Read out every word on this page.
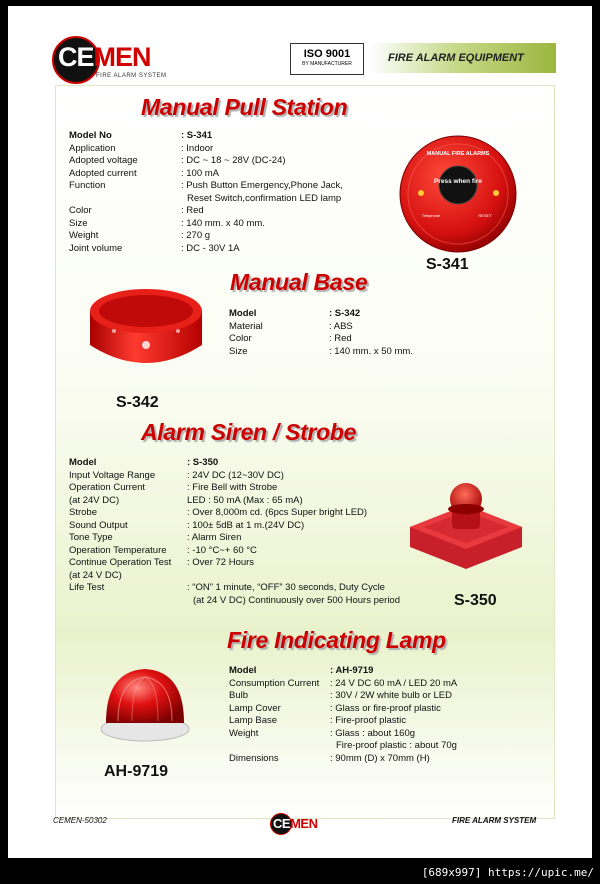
CEMEN
FIRE ALARM SYSTEM
ISO 9001
BY MANUFACTURER	FIRE ALARM EQUIPMENT
Manual Pull Station
Model No	: S-341
Application	: Indoor
Adopted voltage	: DC ~ 18 ~ 28V (DC-24)
Adopted current	: 100 mA
Function	: Push Button Emergency,Phone Jack,
Reset Switch,confirmation LED lamp
Color	: Red
Size	: 140 mm. x 40 mm.
Weight	: 270 g
Joint volume	: DC - 30V 1A
MANUAL FIRE ALARMS
Press when fire
Telephone	RESET
S-341
Manual Base
Model	: S-342
Material	: ABS
Color	: Red
Size	: 140 mm. x 50 mm.
S-342
Alarm Siren / Strobe
Model	: S-350
Input Voltage Range	: 24V DC (12~30V DC)
Operation Current	: Fire Bell with Strobe
(at 24V DC)	LED : 50 mA (Max : 65 mA)
Strobe	: Over 8,000m cd. (6pcs Super bright LED)
Sound Output	: 100± 5dB at 1 m.(24V DC)
Tone Type	: Alarm Siren
Operation Temperature	: -10 °C~+ 60 °C
Continue Operation Test	: Over 72 Hours
(at 24 V DC)
Life Test	: “ON” 1 minute, “OFF” 30 seconds, Duty Cycle
(at 24 V DC) Continuously over 500 Hours period	S-350
Fire Indicating Lamp
Model	: AH-9719
Consumption Current	: 24 V DC 60 mA / LED 20 mA
Bulb	: 30V / 2W white bulb or LED
Lamp Cover	: Glass or fire-proof plastic
Lamp Base	: Fire-proof plastic
Weight	: Glass : about 160g
Fire-proof plastic : about 70g
Dimensions	: 90mm (D) x 70mm (H)
AH-9719
CEMEN-50302	CEMEN	FIRE ALARM SYSTEM
[689x997] https://upic.me/
